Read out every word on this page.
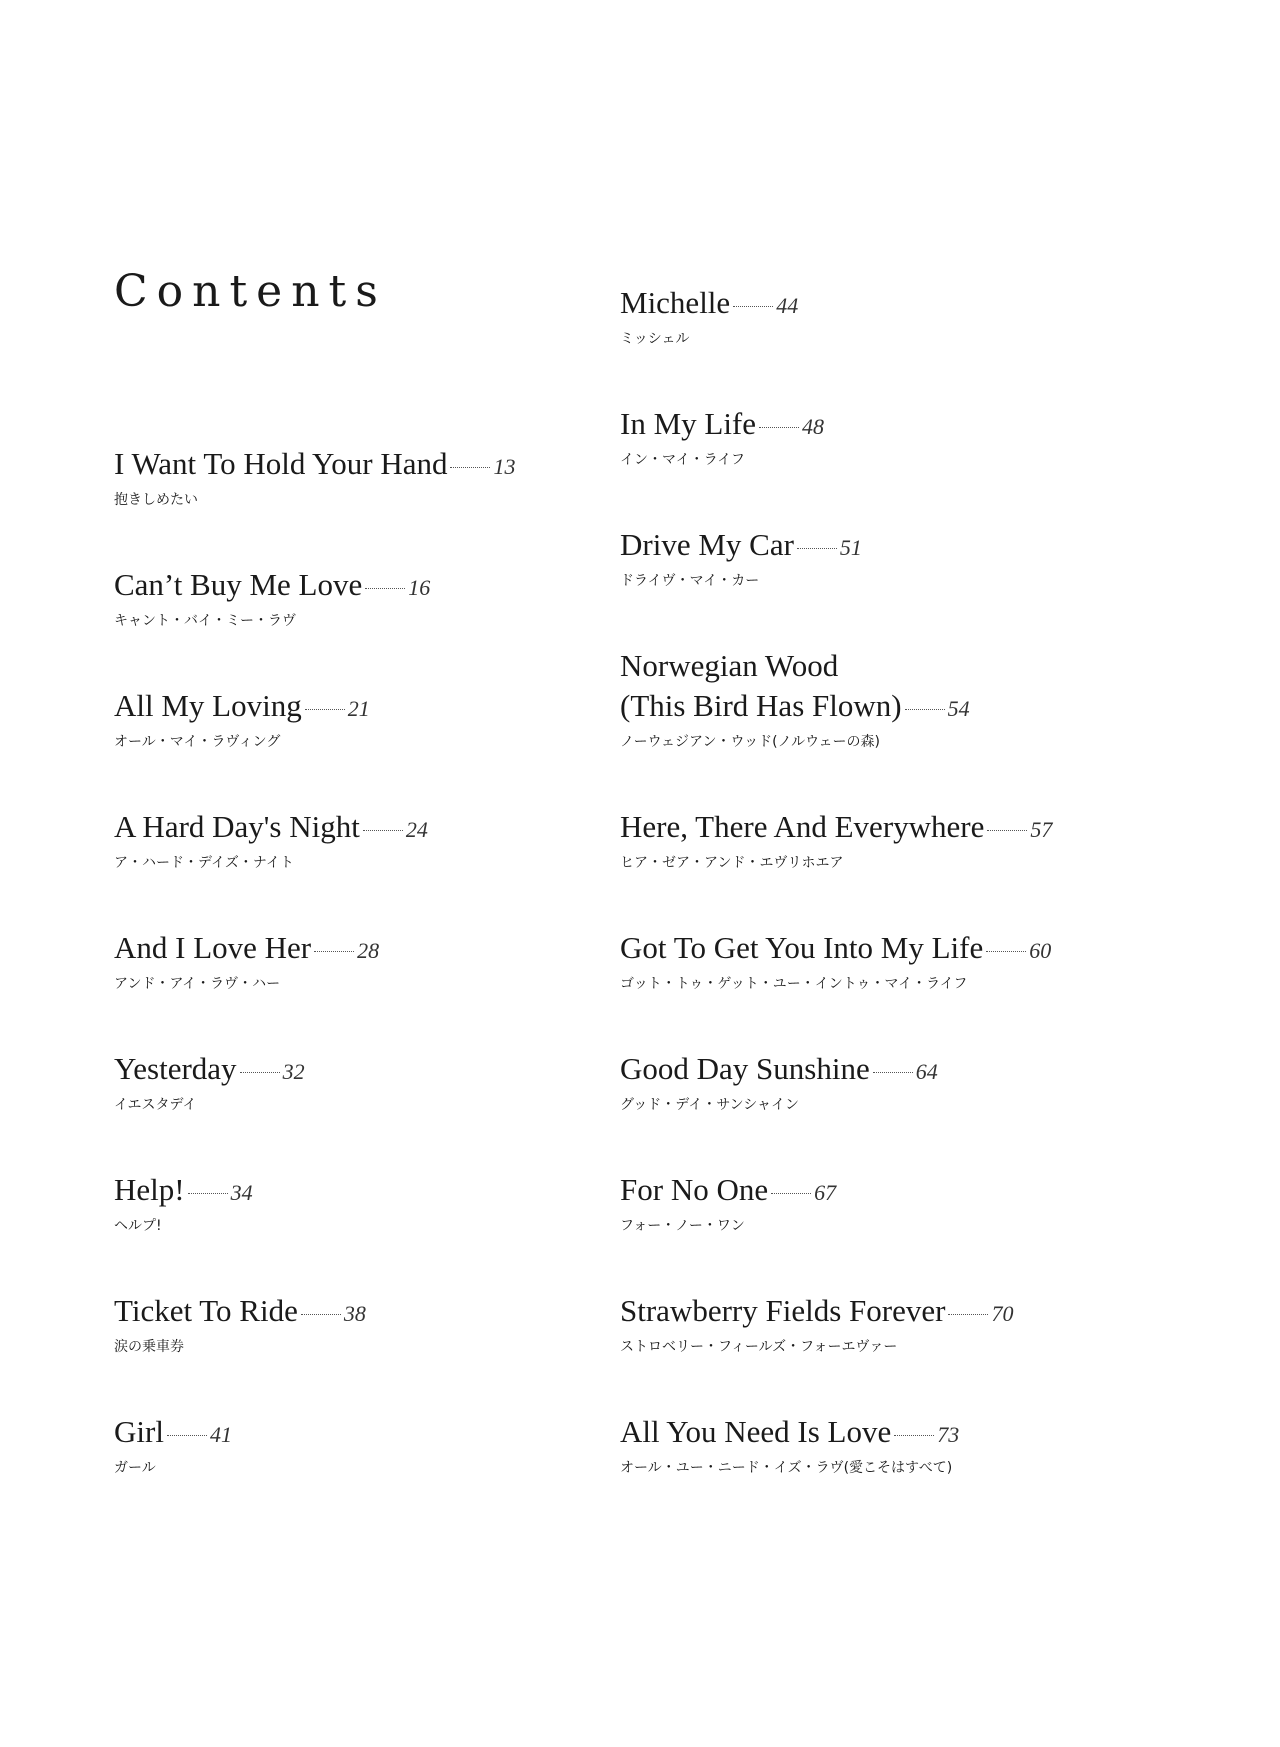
Contents
I Want To Hold Your Hand 13
抱きしめたい
Can’t Buy Me Love 16
キャント・バイ・ミー・ラヴ
All My Loving 21
オール・マイ・ラヴィング
A Hard Day's Night 24
ア・ハード・デイズ・ナイト
And I Love Her 28
アンド・アイ・ラヴ・ハー
Yesterday 32
イエスタデイ
Help! 34
ヘルプ!
Ticket To Ride 38
涙の乗車券
Girl 41
ガール
Michelle 44
ミッシェル
In My Life 48
イン・マイ・ライフ
Drive My Car 51
ドライヴ・マイ・カー
Norwegian Wood
(This Bird Has Flown) 54
ノーウェジアン・ウッド(ノルウェーの森)
Here, There And Everywhere 57
ヒア・ゼア・アンド・エヴリホエア
Got To Get You Into My Life 60
ゴット・トゥ・ゲット・ユー・イントゥ・マイ・ライフ
Good Day Sunshine 64
グッド・デイ・サンシャイン
For No One 67
フォー・ノー・ワン
Strawberry Fields Forever 70
ストロベリー・フィールズ・フォーエヴァー
All You Need Is Love 73
オール・ユー・ニード・イズ・ラヴ(愛こそはすべて)
